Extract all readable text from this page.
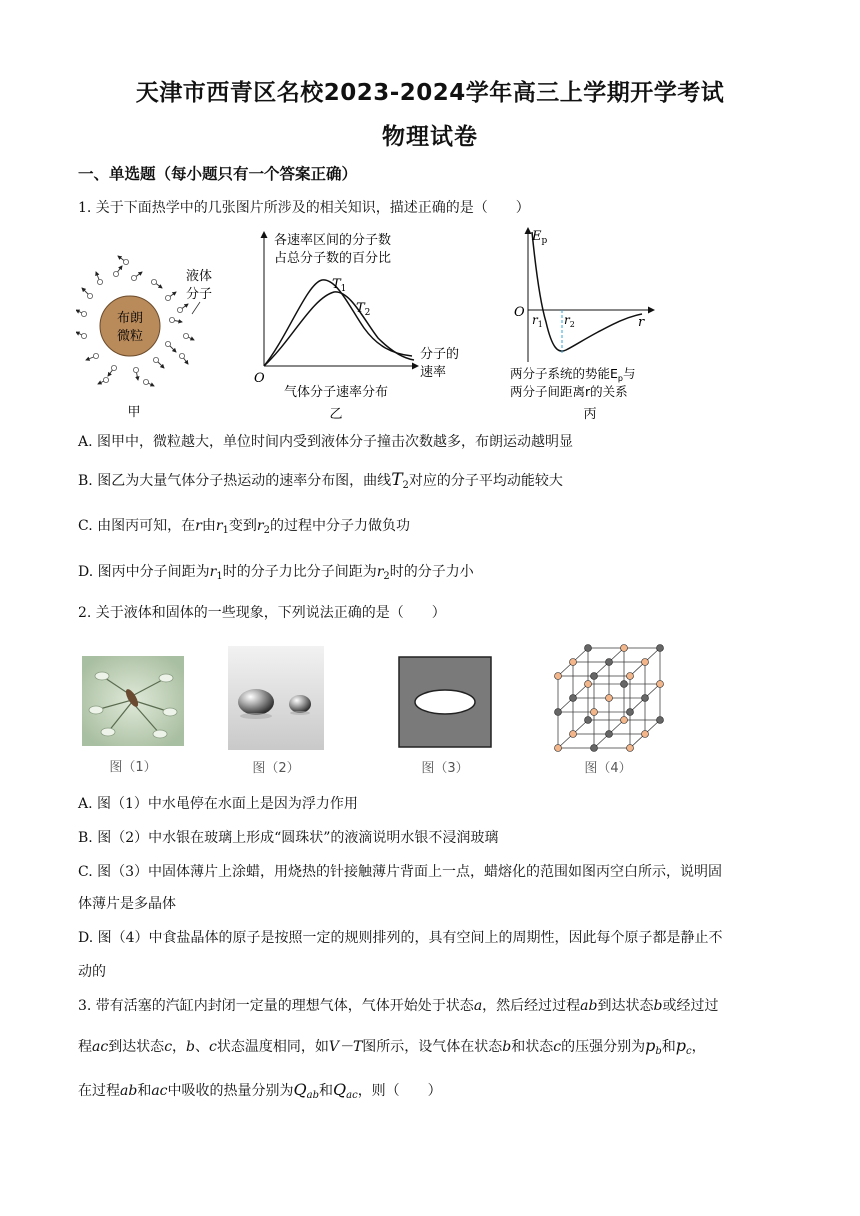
天津市西青区名校2023-2024学年高三上学期开学考试
物理试卷
一、单选题（每小题只有一个答案正确）
1. 关于下面热学中的几张图片所涉及的相关知识，描述正确的是（　　）
布朗
微粒
液体
分子
甲
各速率区间的分子数
占总分子数的百分比
分子的
速率
O
$T_1$
$T_2$
气体分子速率分布
乙
$E_p$
O $r_1$ $r_2$	r
两分子系统的势能$E_p$与
两分子间距离r的关系
丙
A. 图甲中，微粒越大，单位时间内受到液体分子撞击次数越多，布朗运动越明显
B. 图乙为大量气体分子热运动的速率分布图，曲线$T_2$对应的分子平均动能较大
C. 由图丙可知，在r由$r_1$变到$r_2$的过程中分子力做负功
D. 图丙中分子间距为$r_1$时的分子力比分子间距为$r_2$时的分子力小
2. 关于液体和固体的一些现象，下列说法正确的是（　　）
图（1）	图（2）	图（3）	图（4）
A. 图（1）中水黾停在水面上是因为浮力作用
B. 图（2）中水银在玻璃上形成“圆珠状”的液滴说明水银不浸润玻璃
C. 图（3）中固体薄片上涂蜡，用烧热的针接触薄片背面上一点，蜡熔化的范围如图丙空白所示，说明固
体薄片是多晶体
D. 图（4）中食盐晶体的原子是按照一定的规则排列的，具有空间上的周期性，因此每个原子都是静止不
动的
3. 带有活塞的汽缸内封闭一定量的理想气体，气体开始处于状态a，然后经过过程ab到达状态b或经过过
程ac到达状态c，b、c状态温度相同，如V－T图所示，设气体在状态b和状态c的压强分别为$p_b$和$p_c$，
在过程ab和ac中吸收的热量分别为$Q_{ab}$和$Q_{ac}$，则（　　）
